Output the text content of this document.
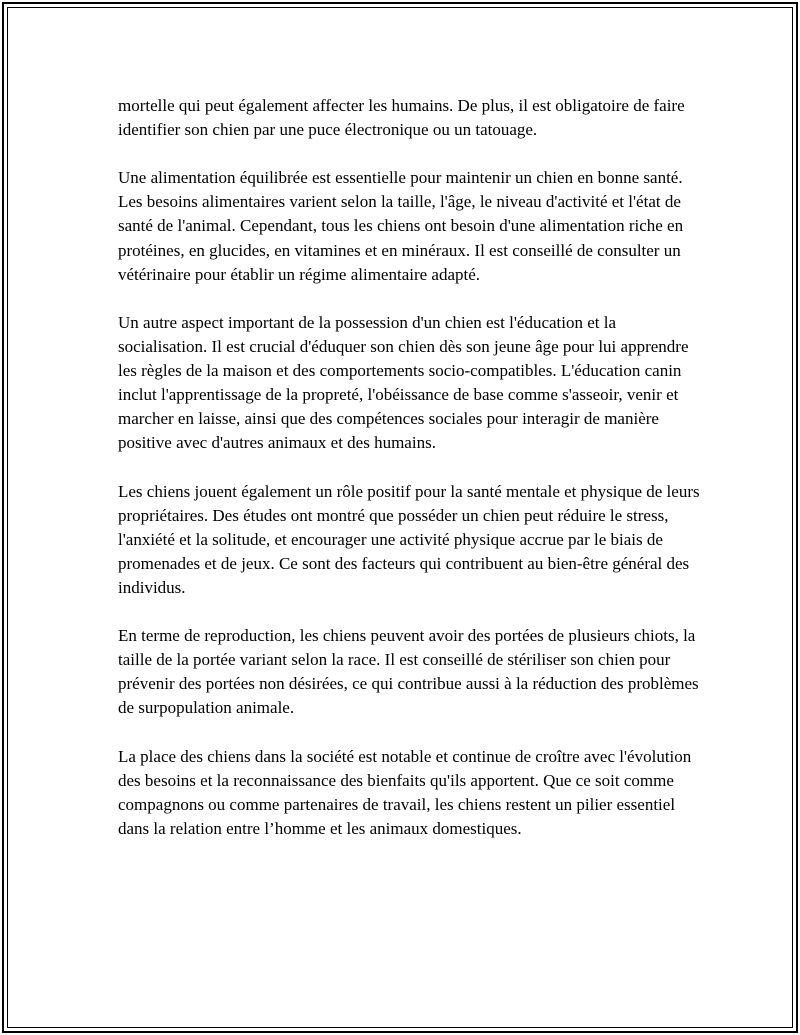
mortelle qui peut également affecter les humains. De plus, il est obligatoire de faire identifier son chien par une puce électronique ou un tatouage.

Une alimentation équilibrée est essentielle pour maintenir un chien en bonne santé. Les besoins alimentaires varient selon la taille, l'âge, le niveau d'activité et l'état de santé de l'animal. Cependant, tous les chiens ont besoin d'une alimentation riche en protéines, en glucides, en vitamines et en minéraux. Il est conseillé de consulter un vétérinaire pour établir un régime alimentaire adapté.

Un autre aspect important de la possession d'un chien est l'éducation et la socialisation. Il est crucial d'éduquer son chien dès son jeune âge pour lui apprendre les règles de la maison et des comportements socio-compatibles. L'éducation canin inclut l'apprentissage de la propreté, l'obéissance de base comme s'asseoir, venir et marcher en laisse, ainsi que des compétences sociales pour interagir de manière positive avec d'autres animaux et des humains.

Les chiens jouent également un rôle positif pour la santé mentale et physique de leurs propriétaires. Des études ont montré que posséder un chien peut réduire le stress, l'anxiété et la solitude, et encourager une activité physique accrue par le biais de promenades et de jeux. Ce sont des facteurs qui contribuent au bien-être général des individus.

En terme de reproduction, les chiens peuvent avoir des portées de plusieurs chiots, la taille de la portée variant selon la race. Il est conseillé de stériliser son chien pour prévenir des portées non désirées, ce qui contribue aussi à la réduction des problèmes de surpopulation animale.

La place des chiens dans la société est notable et continue de croître avec l'évolution des besoins et la reconnaissance des bienfaits qu'ils apportent. Que ce soit comme compagnons ou comme partenaires de travail, les chiens restent un pilier essentiel dans la relation entre l’homme et les animaux domestiques.
